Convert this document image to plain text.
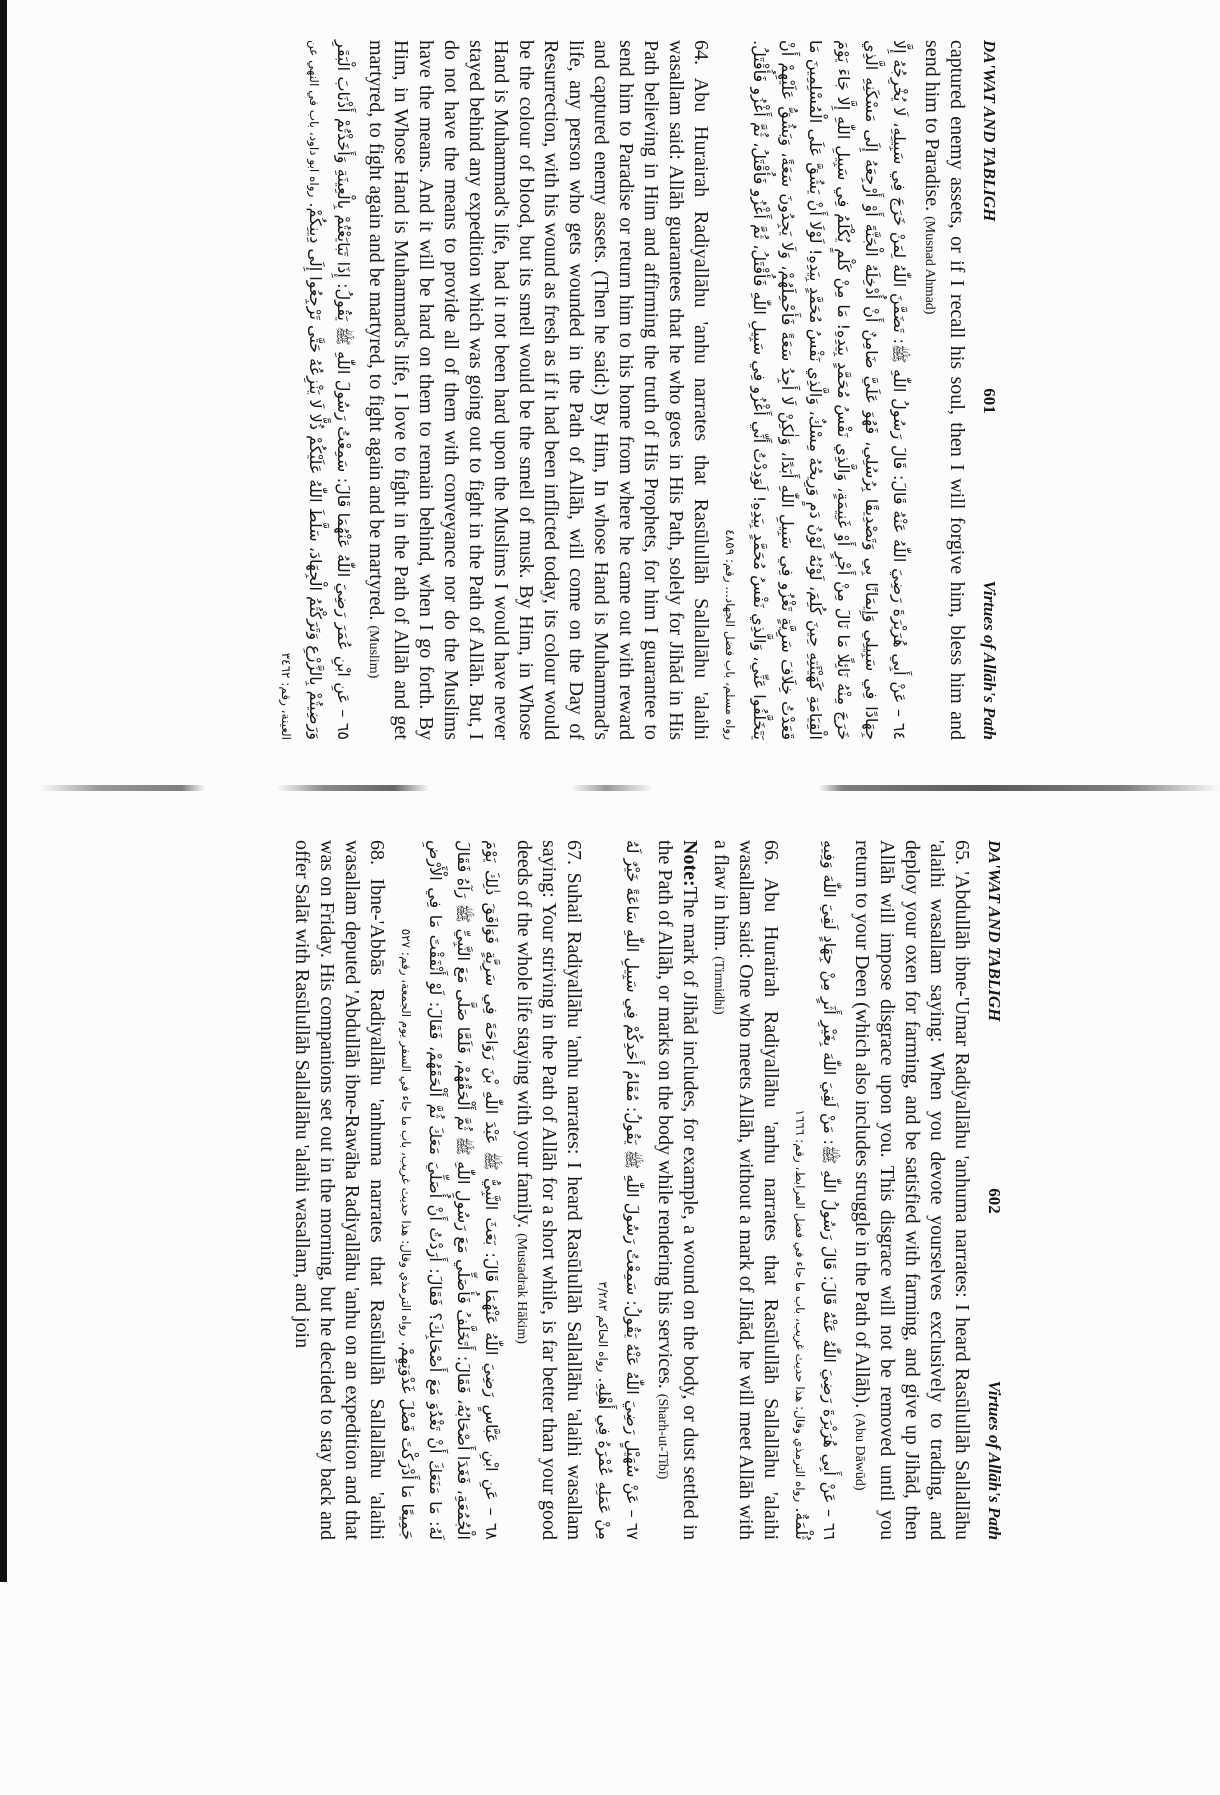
DA'WAT AND TABLIGH
601
Virtues of Allāh's Path

captured enemy assets, or if I recall his soul, then I will forgive him, bless him and send him to Paradise. (Musnad Ahmad)

٦٤ – عَنْ أَبِي هُرَيْرَةَ رَضِيَ اللّٰهُ عَنْهُ قَالَ: قَالَ رَسُولُ اللّٰهِ ﷺ: تَضَمَّنَ اللّٰهُ لِمَنْ خَرَجَ فِي سَبِيلِهِ، لَا يُخْرِجُهُ إِلَّا جِهَادًا فِي سَبِيلِي وَإِيمَانًا بِي وَتَصْدِيقًا بِرُسُلِي، فَهُوَ عَلَيَّ ضَامِنٌ أَنْ أُدْخِلَهُ الْجَنَّةَ أَوْ أَرْجِعَهُ إِلَى مَسْكَنِهِ الَّذِي خَرَجَ مِنْهُ نَائِلًا مَا نَالَ مِنْ أَجْرٍ أَوْ غَنِيمَةٍ، وَالَّذِي نَفْسُ مُحَمَّدٍ بِيَدِهِ! مَا مِنْ كَلْمٍ يُكْلَمُ فِي سَبِيلِ اللّٰهِ إِلَّا جَاءَ يَوْمَ الْقِيَامَةِ كَهَيْئَتِهِ حِينَ كُلِمَ، لَوْنُهُ لَوْنُ دَمٍ وَرِيحُهُ مِسْكٌ، وَالَّذِي نَفْسُ مُحَمَّدٍ بِيَدِهِ! لَوْلَا أَنْ يَشُقَّ عَلَى الْمُسْلِمِينَ مَا قَعَدْتُ خِلَافَ سَرِيَّةٍ تَغْزُو فِي سَبِيلِ اللّٰهِ أَبَدًا، وَلٰكِنْ لَا أَجِدُ سَعَةً فَأَحْمِلَهُمْ، وَلَا يَجِدُونَ سَعَةً، وَيَشُقُّ عَلَيْهِمْ أَنْ يَتَخَلَّفُوا عَنِّي، وَالَّذِي نَفْسُ مُحَمَّدٍ بِيَدِهِ! لَوَدِدْتُ أَنِّي أَغْزُو فِي سَبِيلِ اللّٰهِ فَأُقْتَلُ، ثُمَّ أَغْزُو فَأُقْتَلُ، ثُمَّ أَغْزُو فَأُقْتَلُ. رواه مسلم، باب فضل الجهاد... رقم: ٤٨٥٩

64. Abu Hurairah Radiyallāhu 'anhu narrates that Rasūlullāh Sallallāhu 'alaihi wasallam said: Allāh guarantees that he who goes in His Path, solely for Jihād in His Path believing in Him and affirming the truth of His Prophets, for him I guarantee to send him to Paradise or return him to his home from where he came out with reward and captured enemy assets. (Then he said:) By Him, In whose Hand is Muhammad's life, any person who gets wounded in the Path of Allāh, will come on the Day of Resurrection, with his wound as fresh as if it had been inflicted today, its colour would be the colour of blood, but its smell would be the smell of musk. By Him, in Whose Hand is Muhammad's life, had it not been hard upon the Muslims I would have never stayed behind any expedition which was going out to fight in the Path of Allāh. But, I do not have the means to provide all of them with conveyance nor do the Muslims have the means. And it will be hard on them to remain behind, when I go forth. By Him, in Whose Hand is Muhammad's life, I love to fight in the Path of Allāh and get martyred, to fight again and be martyred, to fight again and be martyred. (Muslim)

٦٥ – عَنِ ابْنِ عُمَرَ رَضِيَ اللّٰهُ عَنْهُمَا قَالَ: سَمِعْتُ رَسُولَ اللّٰهِ ﷺ يَقُولُ: إِذَا تَبَايَعْتُمْ بِالْعِينَةِ وَأَخَذْتُمْ أَذْنَابَ الْبَقَرِ وَرَضِيتُمْ بِالزَّرْعِ وَتَرَكْتُمُ الْجِهَادَ، سَلَّطَ اللّٰهُ عَلَيْكُمْ ذُلًّا لَا يَنْزِعُهُ حَتَّى تَرْجِعُوا إِلَى دِينِكُمْ. رواه ابو داود، باب في النهي عن العينة، رقم: ٣٤٦٢
DA'WAT AND TABLIGH
602
Virtues of Allāh's Path

65. 'Abdullāh ibne-'Umar Radiyallāhu 'anhuma narrates: I heard Rasūlullāh Sallallāhu 'alaihi wasallam saying: When you devote yourselves exclusively to trading, and deploy your oxen for farming, and be satisfied with farming, and give up Jihād, then Allāh will impose disgrace upon you. This disgrace will not be removed until you return to your Deen (which also includes struggle in the Path of Allāh). (Abu Dāwūd)

٦٦ – عَنْ أَبِي هُرَيْرَةَ رَضِيَ اللّٰهُ عَنْهُ قَالَ: قَالَ رَسُولُ اللّٰهِ ﷺ: مَنْ لَقِيَ اللّٰهَ بِغَيْرِ أَثَرٍ مِنْ جِهَادٍ لَقِيَ اللّٰهَ وَفِيهِ ثُلْمَةٌ. رواه الترمذي وقال: هذا حديث غريب، باب ما جاء في فضل المرابط، رقم: ١٦٦٦

66. Abu Hurairah Radiyallāhu 'anhu narrates that Rasūlullāh Sallallāhu 'alaihi wasallam said: One who meets Allāh, without a mark of Jihād, he will meet Allāh with a flaw in him. (Tirmidhi)

Note:The mark of Jihād includes, for example, a wound on the body, or dust settled in the Path of Allāh, or marks on the body while rendering his services. (Sharh-ut-Tībī)

٦٧ – عَنْ سُهَيْلٍ رَضِيَ اللّٰهُ عَنْهُ يَقُولُ: سَمِعْتُ رَسُولَ اللّٰهِ ﷺ يَقُولُ: مُقَامُ أَحَدِكُمْ فِي سَبِيلِ اللّٰهِ سَاعَةً خَيْرٌ لَهُ مِنْ عَمَلِهِ عُمْرَهُ فِي أَهْلِهِ. رواه الحاكم ٣/٢٨٢

67. Suhail Radiyallāhu 'anhu narrates: I heard Rasūlullāh Sallallāhu 'alaihi wasallam saying: Your striving in the Path of Allāh for a short while, is far better than your good deeds of the whole life staying with your family. (Mustadrak Hākim)

٦٨ – عَنِ ابْنِ عَبَّاسٍ رَضِيَ اللّٰهُ عَنْهُمَا قَالَ: بَعَثَ النَّبِيُّ ﷺ عَبْدَ اللّٰهِ بْنَ رَوَاحَةَ فِي سَرِيَّةٍ فَوَافَقَ ذٰلِكَ يَوْمَ الْجُمُعَةِ، فَغَدَا أَصْحَابُهُ، فَقَالَ: أَتَخَلَّفُ فَأُصَلِّي مَعَ رَسُولِ اللّٰهِ ﷺ ثُمَّ أَلْحَقُهُمْ، فَلَمَّا صَلَّى مَعَ النَّبِيِّ ﷺ رَآهُ فَقَالَ لَهُ: مَا مَنَعَكَ أَنْ تَغْدُوَ مَعَ أَصْحَابِكَ؟ فَقَالَ: أَرَدْتُ أَنْ أُصَلِّيَ مَعَكَ ثُمَّ أَلْحَقَهُمْ، فَقَالَ: لَوْ أَنْفَقْتَ مَا فِي الْأَرْضِ جَمِيعًا مَا أَدْرَكْتَ فَضْلَ غَدْوَتِهِمْ. رواه الترمذي وقال: هذا حديث غريب، باب ما جاء في السفر يوم الجمعة، رقم: ٥٢٧

68. Ibne-'Abbās Radiyallāhu 'anhuma narrates that Rasūlullāh Sallallāhu 'alaihi wasallam deputed 'Abdullāh ibne-Rawāha Radiyallāhu 'anhu on an expedition and that was on Friday. His companions set out in the morning, but he decided to stay back and offer Salāt with Rasūlullāh Sallallāhu 'alaihi wasallam, and join
